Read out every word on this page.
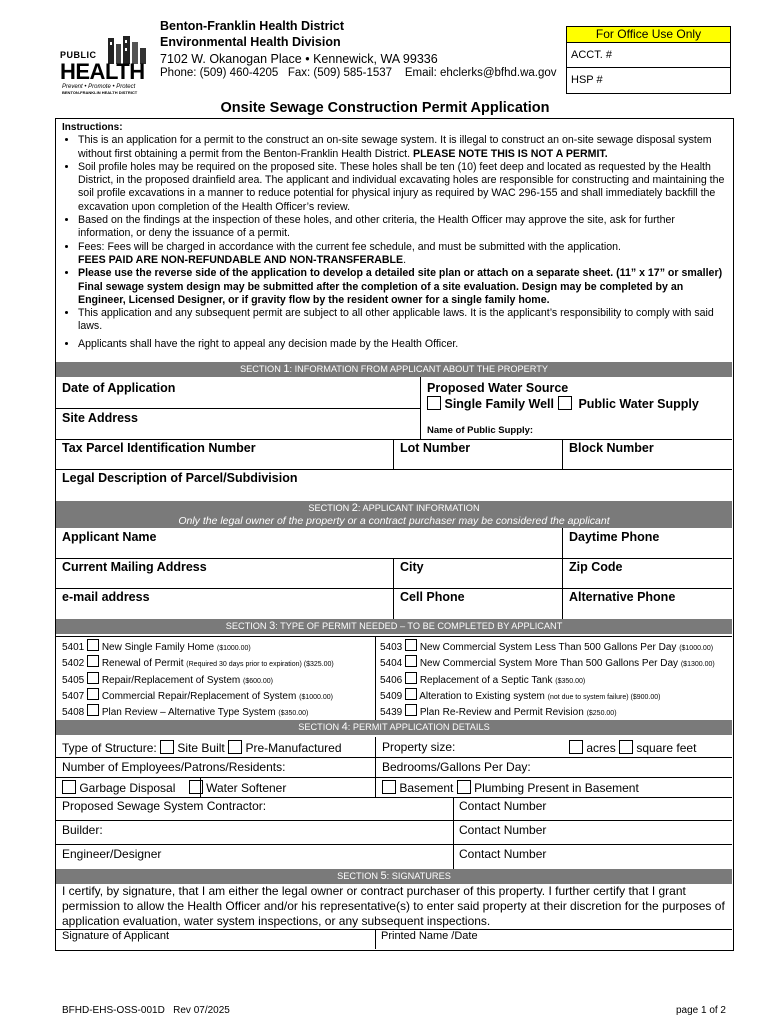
PUBLIC
HEALTH
Prevent • Promote • Protect
BENTON-FRANKLIN HEALTH DISTRICT
Benton-Franklin Health District
Environmental Health Division
7102 W. Okanogan Place • Kennewick, WA 99336
Phone: (509) 460-4205   Fax: (509) 585-1537    Email: ehclerks@bfhd.wa.gov
For Office Use Only
ACCT. #
HSP #
Onsite Sewage Construction Permit Application
Instructions:
• This is an application for a permit to the construct an on-site sewage system. It is illegal to construct an on-site sewage disposal system without first obtaining a permit from the Benton-Franklin Health District. PLEASE NOTE THIS IS NOT A PERMIT.
• Soil profile holes may be required on the proposed site. These holes shall be ten (10) feet deep and located as requested by the Health District, in the proposed drainfield area. The applicant and individual excavating holes are responsible for constructing and maintaining the soil profile excavations in a manner to reduce potential for physical injury as required by WAC 296-155 and shall immediately backfill the excavation upon completion of the Health Officer’s review.
• Based on the findings at the inspection of these holes, and other criteria, the Health Officer may approve the site, ask for further information, or deny the issuance of a permit.
• Fees: Fees will be charged in accordance with the current fee schedule, and must be submitted with the application.
FEES PAID ARE NON-REFUNDABLE AND NON-TRANSFERABLE.
• Please use the reverse side of the application to develop a detailed site plan or attach on a separate sheet. (11” x 17” or smaller) Final sewage system design may be submitted after the completion of a site evaluation. Design may be completed by an Engineer, Licensed Designer, or if gravity flow by the resident owner for a single family home.
• This application and any subsequent permit are subject to all other applicable laws. It is the applicant’s responsibility to comply with said laws.
• Applicants shall have the right to appeal any decision made by the Health Officer.
SECTION 1: INFORMATION FROM APPLICANT ABOUT THE PROPERTY
Date of Application	Proposed Water Source
Single Family Well Public Water Supply
Site Address
Name of Public Supply:
Tax Parcel Identification Number	Lot Number	Block Number
Legal Description of Parcel/Subdivision
SECTION 2: APPLICANT INFORMATION
Only the legal owner of the property or a contract purchaser may be considered the applicant
Applicant Name	Daytime Phone
Current Mailing Address	City	Zip Code
e-mail address	Cell Phone	Alternative Phone
SECTION 3: TYPE OF PERMIT NEEDED – TO BE COMPLETED BY APPLICANT
5401 New Single Family Home ($1000.00)
5402 Renewal of Permit (Required 30 days prior to expiration) ($325.00)
5405 Repair/Replacement of System ($600.00)
5407 Commercial Repair/Replacement of System ($1000.00)
5408 Plan Review – Alternative Type System ($350.00)
5403 New Commercial System Less Than 500 Gallons Per Day ($1000.00)
5404 New Commercial System More Than 500 Gallons Per Day ($1300.00)
5406 Replacement of a Septic Tank ($350.00)
5409 Alteration to Existing system (not due to system failure) ($900.00)
5439 Plan Re-Review and Permit Revision ($250.00)
SECTION 4: PERMIT APPLICATION DETAILS
Type of Structure: Site Built Pre-Manufactured	Property size:	acres square feet
Number of Employees/Patrons/Residents:	Bedrooms/Gallons Per Day:
Garbage Disposal	Water Softener	Basement Plumbing Present in Basement
Proposed Sewage System Contractor:	Contact Number
Builder:	Contact Number
Engineer/Designer	Contact Number
SECTION 5: SIGNATURES
I certify, by signature, that I am either the legal owner or contract purchaser of this property. I further certify that I grant permission to allow the Health Officer and/or his representative(s) to enter said property at their discretion for the purposes of application evaluation, water system inspections, or any subsequent inspections.
Signature of Applicant	Printed Name /Date
BFHD-EHS-OSS-001D   Rev 07/2025	page 1 of 2
